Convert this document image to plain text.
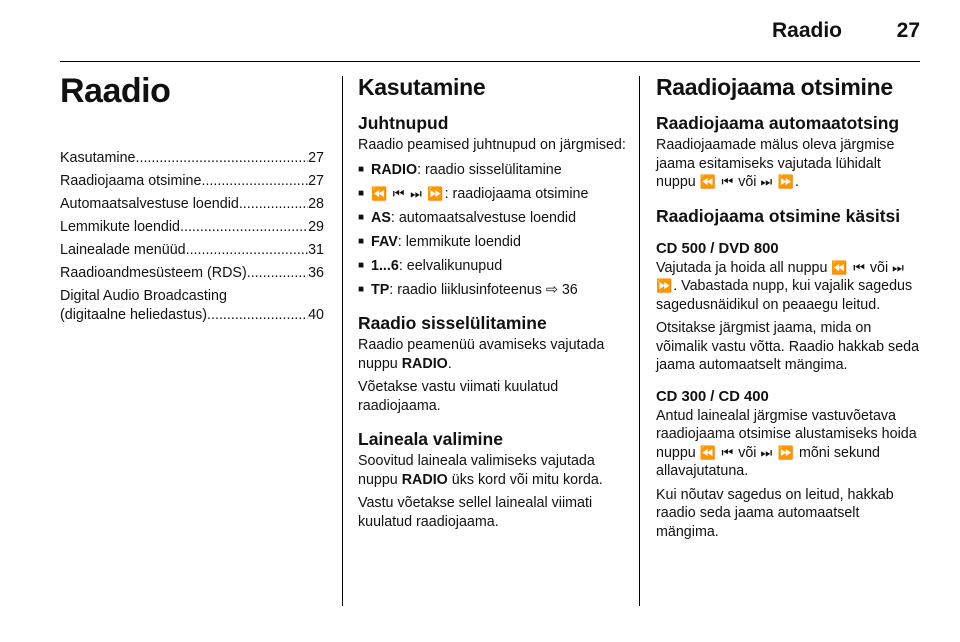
Raadio	27
Raadio
Kasutamine .....	27
Raadiojaama otsimine .....	27
Automaatsalvestuse loendid .....	28
Lemmikute loendid .....	29
Lainealade menüüd .....	31
Raadioandmesüsteem (RDS) .....	36
Digital Audio Broadcasting
(digitaalne heliedastus) .....	40
Kasutamine
Juhtnupud

Raadio peamised juhtnupud on järgmised:

■ RADIO: raadio sisselülitamine
■ ⏪ ⏮ ⏭ ⏩: raadiojaama otsimine
■ AS: automaatsalvestuse loendid
■ FAV: lemmikute loendid
■ 1...6: eelvalikunupud
■ TP: raadio liiklusinfoteenus ⇨ 36
Raadio sisselülitamine

Raadio peamenüü avamiseks vajutada nuppu RADIO.

Võetakse vastu viimati kuulatud raadiojaama.

Laineala valimine

Soovitud laineala valimiseks vajutada nuppu RADIO üks kord või mitu korda.

Vastu võetakse sellel lainealal viimati kuulatud raadiojaama.

Raadiojaama otsimine
Raadiojaama automaatotsing

Raadiojaamade mälus oleva järgmise jaama esitamiseks vajutada lühidalt nuppu ⏪ ⏮ või ⏭ ⏩.

Raadiojaama otsimine käsitsi
CD 500 / DVD 800

Vajutada ja hoida all nuppu ⏪ ⏮ või ⏭ ⏩. Vabastada nupp, kui vajalik sagedus sagedusnäidikul on peaaegu leitud.

Otsitakse järgmist jaama, mida on võimalik vastu võtta. Raadio hakkab seda jaama automaatselt mängima.

CD 300 / CD 400

Antud lainealal järgmise vastuvõetava raadiojaama otsimise alustamiseks hoida nuppu ⏪ ⏮ või ⏭ ⏩ mõni sekund allavajutatuna.

Kui nõutav sagedus on leitud, hakkab raadio seda jaama automaatselt mängima.
